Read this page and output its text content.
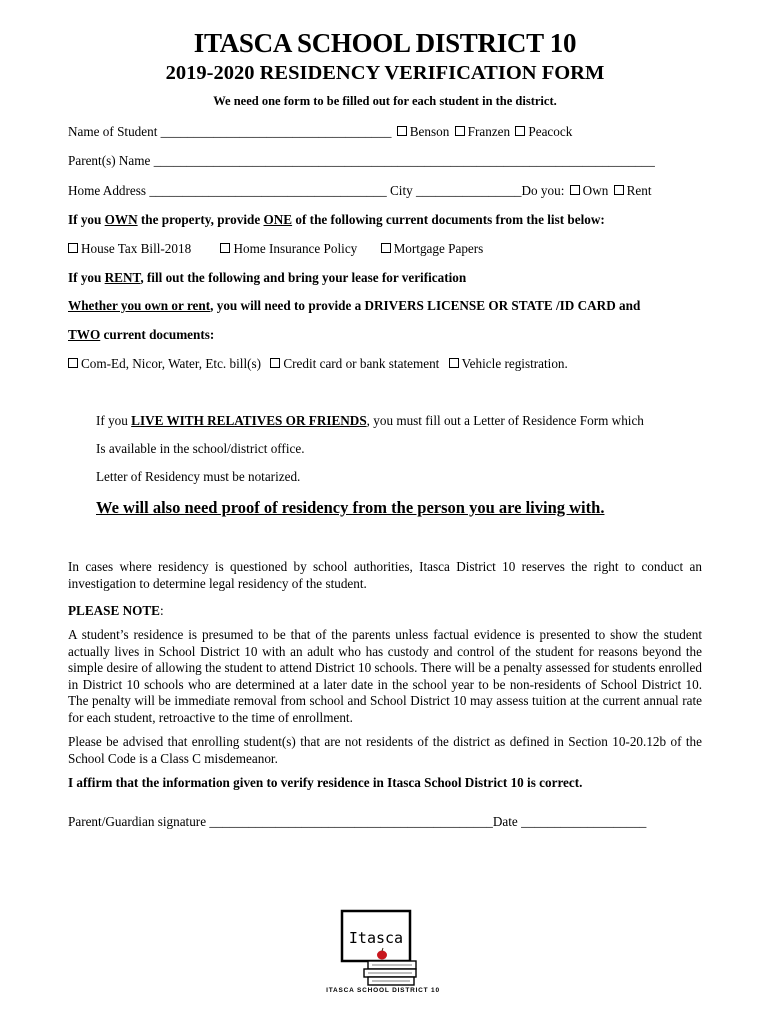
ITASCA SCHOOL DISTRICT 10
2019-2020 RESIDENCY VERIFICATION FORM
We need one form to be filled out for each student in the district.
Name of Student ___________________________________ Benson Franzen Peacock
Parent(s) Name ____________________________________________________________________________
Home Address ____________________________________ City ________________Do you: Own Rent
If you OWN the property, provide ONE of the following current documents from the list below:
House Tax Bill-2018	Home Insurance Policy	Mortgage Papers
If you RENT, fill out the following and bring your lease for verification
Whether you own or rent, you will need to provide a DRIVERS LICENSE OR STATE /ID CARD and
TWO current documents:
Com-Ed, Nicor, Water, Etc. bill(s) Credit card or bank statement Vehicle registration.
If you LIVE WITH RELATIVES OR FRIENDS, you must fill out a Letter of Residence Form which
Is available in the school/district office.
Letter of Residency must be notarized.
We will also need proof of residency from the person you are living with.
In cases where residency is questioned by school authorities, Itasca District 10 reserves the right to conduct an investigation to determine legal residency of the student.
PLEASE NOTE:
A student’s residence is presumed to be that of the parents unless factual evidence is presented to show the student actually lives in School District 10 with an adult who has custody and control of the student for reasons beyond the simple desire of allowing the student to attend District 10 schools. There will be a penalty assessed for students enrolled in District 10 schools who are determined at a later date in the school year to be non-residents of School District 10. The penalty will be immediate removal from school and School District 10 may assess tuition at the current annual rate for each student, retroactive to the time of enrollment.
Please be advised that enrolling student(s) that are not residents of the district as defined in Section 10-20.12b of the School Code is a Class C misdemeanor.
I affirm that the information given to verify residence in Itasca School District 10 is correct.
Parent/Guardian signature ___________________________________________Date ___________________
Itasca
ITASCA SCHOOL DISTRICT 10
